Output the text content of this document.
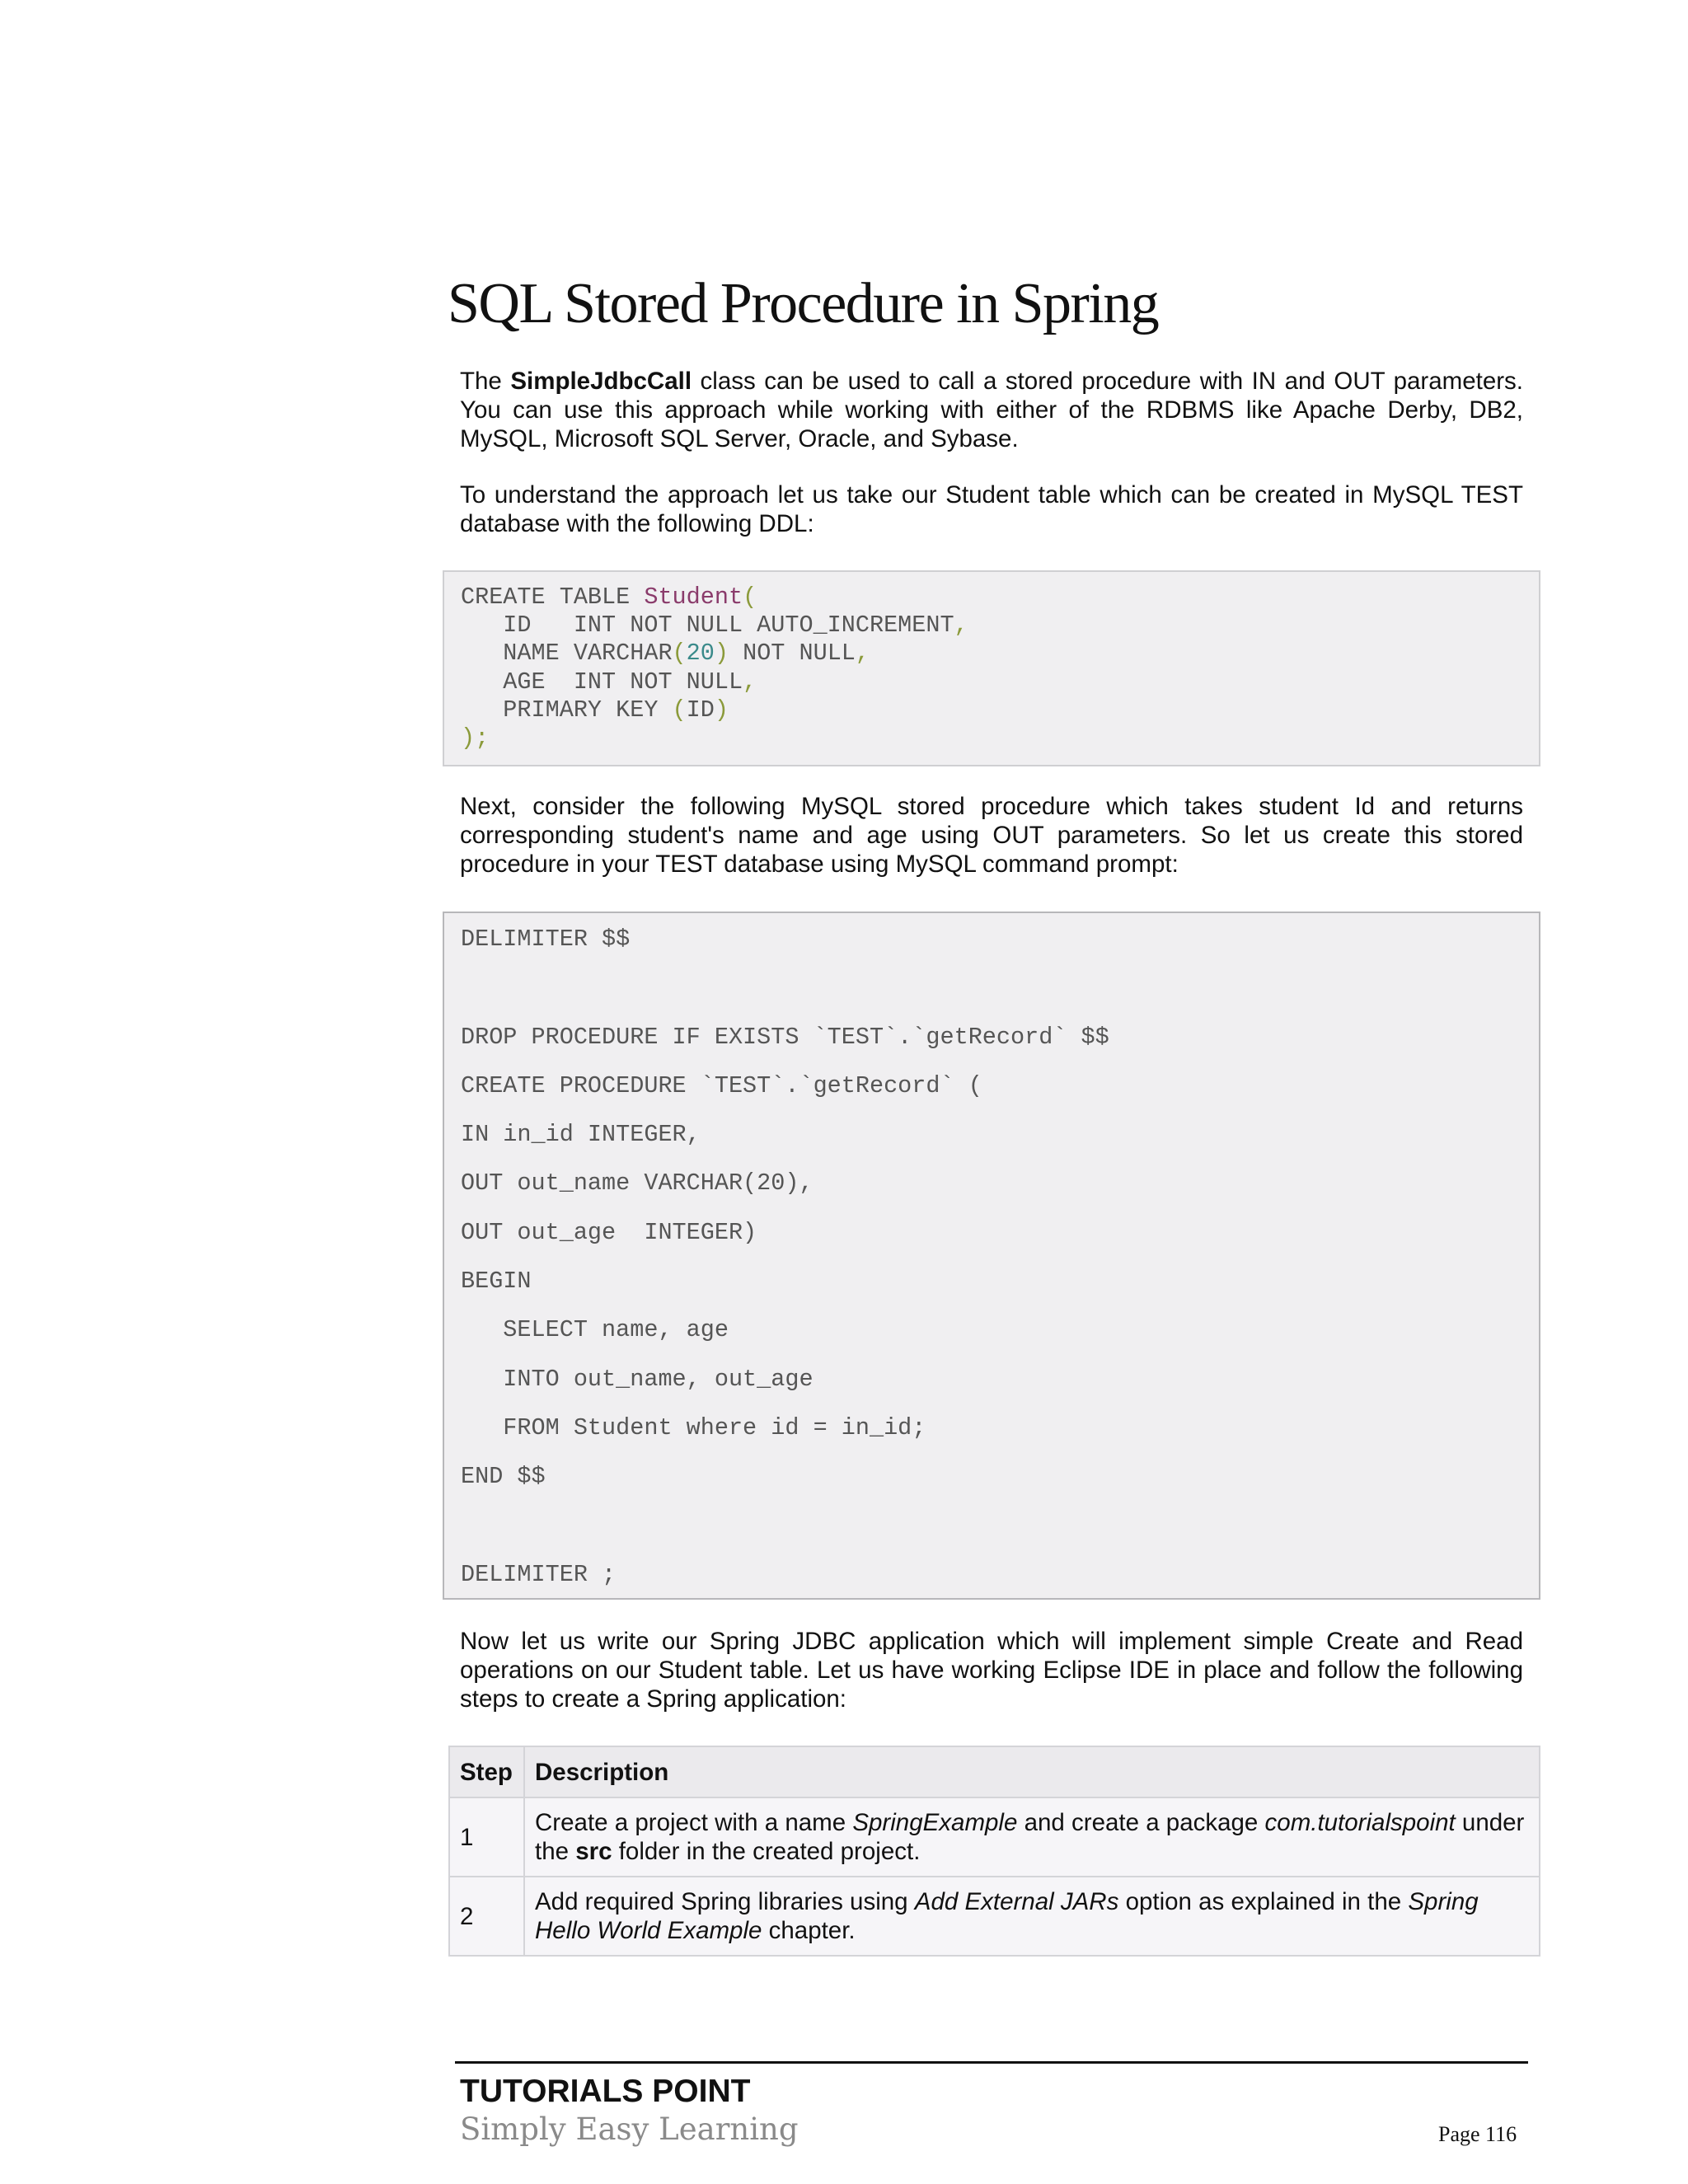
SQL Stored Procedure in Spring

The SimpleJdbcCall class can be used to call a stored procedure with IN and OUT parameters. You can use this approach while working with either of the RDBMS like Apache Derby, DB2, MySQL, Microsoft SQL Server, Oracle, and Sybase.

To understand the approach let us take our Student table which can be created in MySQL TEST database with the following DDL:

CREATE TABLE Student(
ID   INT NOT NULL AUTO_INCREMENT,
NAME VARCHAR(20) NOT NULL,
AGE  INT NOT NULL,
PRIMARY KEY (ID)
);

Next, consider the following MySQL stored procedure which takes student Id and returns corresponding student's name and age using OUT parameters. So let us create this stored procedure in your TEST database using MySQL command prompt:

DELIMITER $$
DROP PROCEDURE IF EXISTS `TEST`.`getRecord` $$
CREATE PROCEDURE `TEST`.`getRecord` (
IN in_id INTEGER,
OUT out_name VARCHAR(20),
OUT out_age  INTEGER)
BEGIN
SELECT name, age
INTO out_name, out_age
FROM Student where id = in_id;
END $$
DELIMITER ;

Now let us write our Spring JDBC application which will implement simple Create and Read operations on our Student table. Let us have working Eclipse IDE in place and follow the following steps to create a Spring application:

Step	Description
1	Create a project with a name SpringExample and create a package com.tutorialspoint under the src folder in the created project.
2	Add required Spring libraries using Add External JARs option as explained in the Spring Hello World Example chapter.

TUTORIALS POINT

Simply Easy Learning	Page 116
